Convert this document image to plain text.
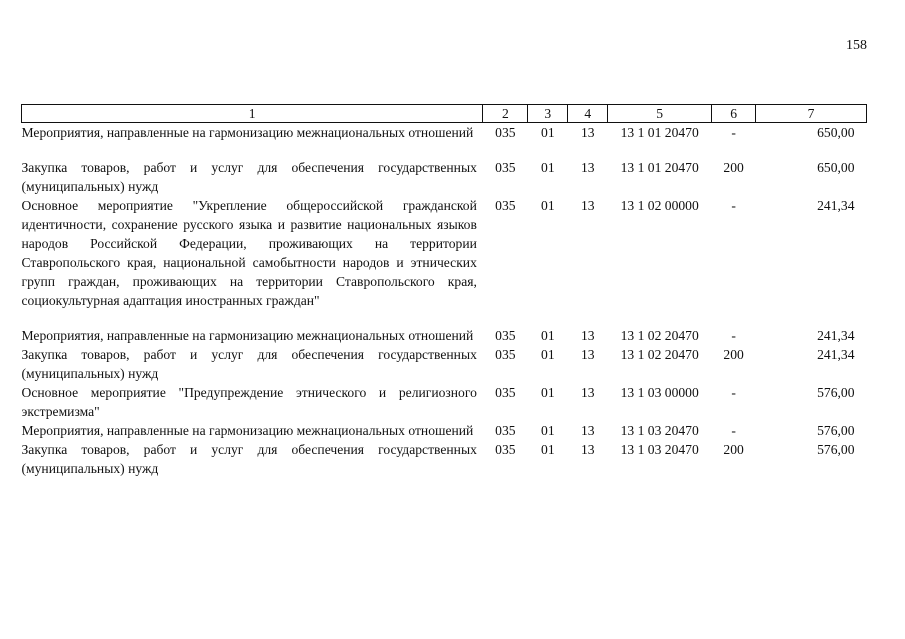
158
1	2	3	4	5	6	7
Мероприятия, направленные на гармонизацию межнациональных отношений	035	01	13	13 1 01 20470	-	650,00

Закупка товаров, работ и услуг для обеспечения государственных (муниципальных) нужд	035	01	13	13 1 01 20470	200	650,00
Основное мероприятие "Укрепление общероссийской гражданской идентичности, сохранение русского языка и развитие национальных языков народов Российской Федерации, проживающих на территории Ставропольского края, национальной самобытности народов и этнических групп граждан, проживающих на территории Ставропольского края, социокультурная адаптация иностранных граждан"	035	01	13	13 1 02 00000	-	241,34

Мероприятия, направленные на гармонизацию межнациональных отношений	035	01	13	13 1 02 20470	-	241,34
Закупка товаров, работ и услуг для обеспечения государственных (муниципальных) нужд	035	01	13	13 1 02 20470	200	241,34
Основное мероприятие "Предупреждение этнического и религиозного экстремизма"	035	01	13	13 1 03 00000	-	576,00
Мероприятия, направленные на гармонизацию межнациональных отношений	035	01	13	13 1 03 20470	-	576,00
Закупка товаров, работ и услуг для обеспечения государственных (муниципальных) нужд	035	01	13	13 1 03 20470	200	576,00
